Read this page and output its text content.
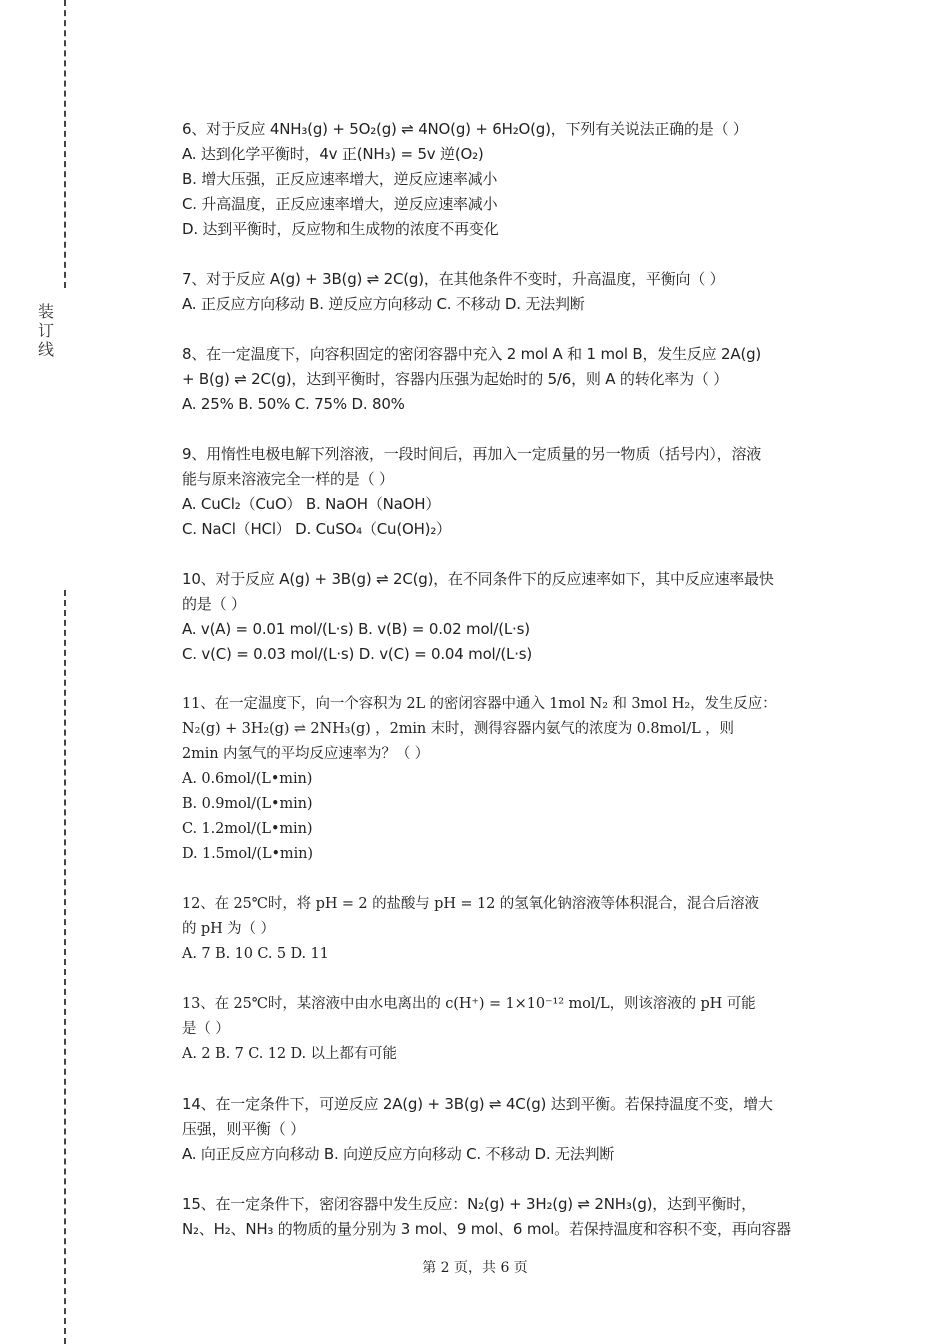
装
订
线
6、对于反应 4NH₃(g) + 5O₂(g) ⇌ 4NO(g) + 6H₂O(g)，下列有关说法正确的是（ ）
A. 达到化学平衡时，4v 正(NH₃) = 5v 逆(O₂)
B. 增大压强，正反应速率增大，逆反应速率减小
C. 升高温度，正反应速率增大，逆反应速率减小
D. 达到平衡时，反应物和生成物的浓度不再变化
7、对于反应 A(g) + 3B(g) ⇌ 2C(g)，在其他条件不变时，升高温度，平衡向（ ）
A. 正反应方向移动 B. 逆反应方向移动 C. 不移动 D. 无法判断
8、在一定温度下，向容积固定的密闭容器中充入 2 mol A 和 1 mol B，发生反应 2A(g)
+ B(g) ⇌ 2C(g)，达到平衡时，容器内压强为起始时的 5/6，则 A 的转化率为（ ）
A. 25% B. 50% C. 75% D. 80%
9、用惰性电极电解下列溶液，一段时间后，再加入一定质量的另一物质（括号内），溶液
能与原来溶液完全一样的是（ ）
A. CuCl₂（CuO） B. NaOH（NaOH）
C. NaCl（HCl） D. CuSO₄（Cu(OH)₂）
10、对于反应 A(g) + 3B(g) ⇌ 2C(g)，在不同条件下的反应速率如下，其中反应速率最快
的是（ ）
A. v(A) = 0.01 mol/(L·s) B. v(B) = 0.02 mol/(L·s)
C. v(C) = 0.03 mol/(L·s) D. v(C) = 0.04 mol/(L·s)
11、在一定温度下，向一个容积为 2L 的密闭容器中通入 1mol N₂ 和 3mol H₂，发生反应：
N₂(g) + 3H₂(g) ⇌ 2NH₃(g) ，2min 末时，测得容器内氨气的浓度为 0.8mol/L ，则
2min 内氢气的平均反应速率为？（ ）
A. 0.6mol/(L•min)
B. 0.9mol/(L•min)
C. 1.2mol/(L•min)
D. 1.5mol/(L•min)
12、在 25℃时，将 pH = 2 的盐酸与 pH = 12 的氢氧化钠溶液等体积混合，混合后溶液
的 pH 为（ ）
A. 7 B. 10 C. 5 D. 11
13、在 25℃时，某溶液中由水电离出的 c(H⁺) = 1×10⁻¹² mol/L，则该溶液的 pH 可能
是（ ）
A. 2 B. 7 C. 12 D. 以上都有可能
14、在一定条件下，可逆反应 2A(g) + 3B(g) ⇌ 4C(g) 达到平衡。若保持温度不变，增大
压强，则平衡（ ）
A. 向正反应方向移动 B. 向逆反应方向移动 C. 不移动 D. 无法判断
15、在一定条件下，密闭容器中发生反应：N₂(g) + 3H₂(g) ⇌ 2NH₃(g)，达到平衡时，
N₂、H₂、NH₃ 的物质的量分别为 3 mol、9 mol、6 mol。若保持温度和容积不变，再向容器
第 2 页，共 6 页
